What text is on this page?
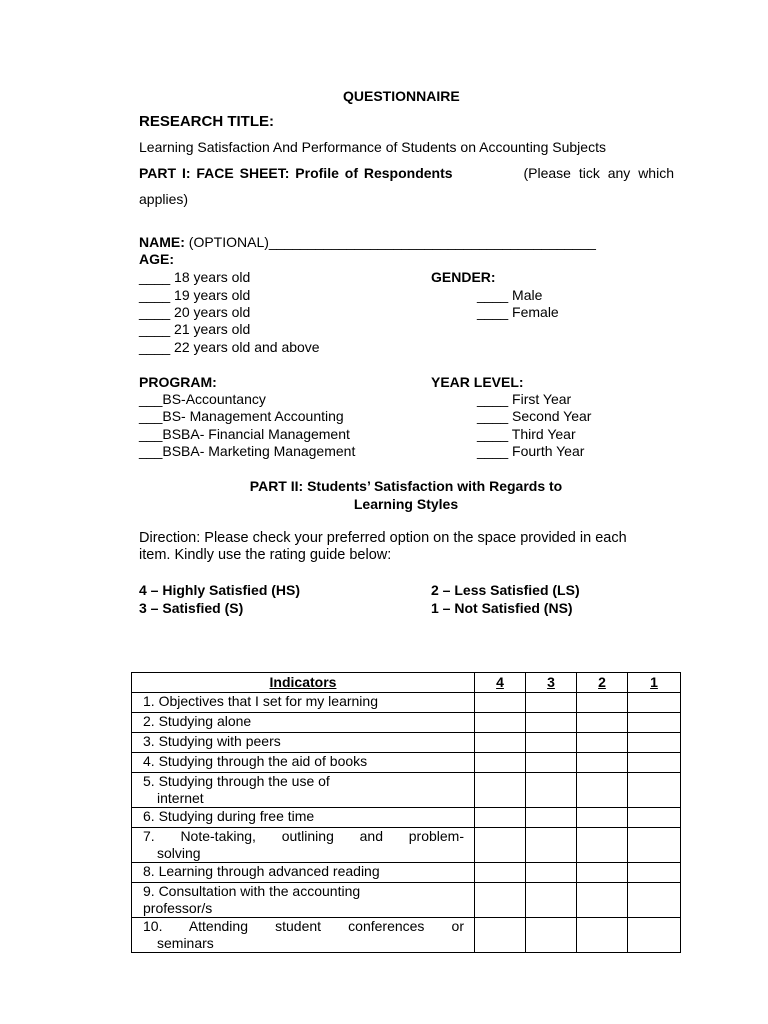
QUESTIONNAIRE
RESEARCH TITLE:
Learning Satisfaction And Performance of Students on Accounting Subjects
PART I: FACE SHEET: Profile of Respondents	(Please tick any which
applies)
NAME: (OPTIONAL)__________________________________________
AGE:
____ 18 years old
____ 19 years old
____ 20 years old
____ 21 years old
____ 22 years old and above
GENDER:
____ Male
____ Female
PROGRAM:
___BS-Accountancy
___BS- Management Accounting
___BSBA- Financial Management
___BSBA- Marketing Management
YEAR LEVEL:
____ First Year
____ Second Year
____ Third Year
____ Fourth Year
PART II: Students’ Satisfaction with Regards to
Learning Styles
Direction: Please check your preferred option on the space provided in each
item. Kindly use the rating guide below:
4 – Highly Satisfied (HS)
3 – Satisfied (S)
2 – Less Satisfied (LS)
1 – Not Satisfied (NS)
Indicators	4	3	2	1

1. Objectives that I set for my learning				

2. Studying alone				

3. Studying with peers				

4. Studying through the aid of books				

5. Studying through the use of
internet				

6. Studying during free time				

7. Note-taking, outlining and problem-
solving				

8. Learning through advanced reading				

9. Consultation with the accounting
professor/s				

10. Attending student conferences or
seminars				
